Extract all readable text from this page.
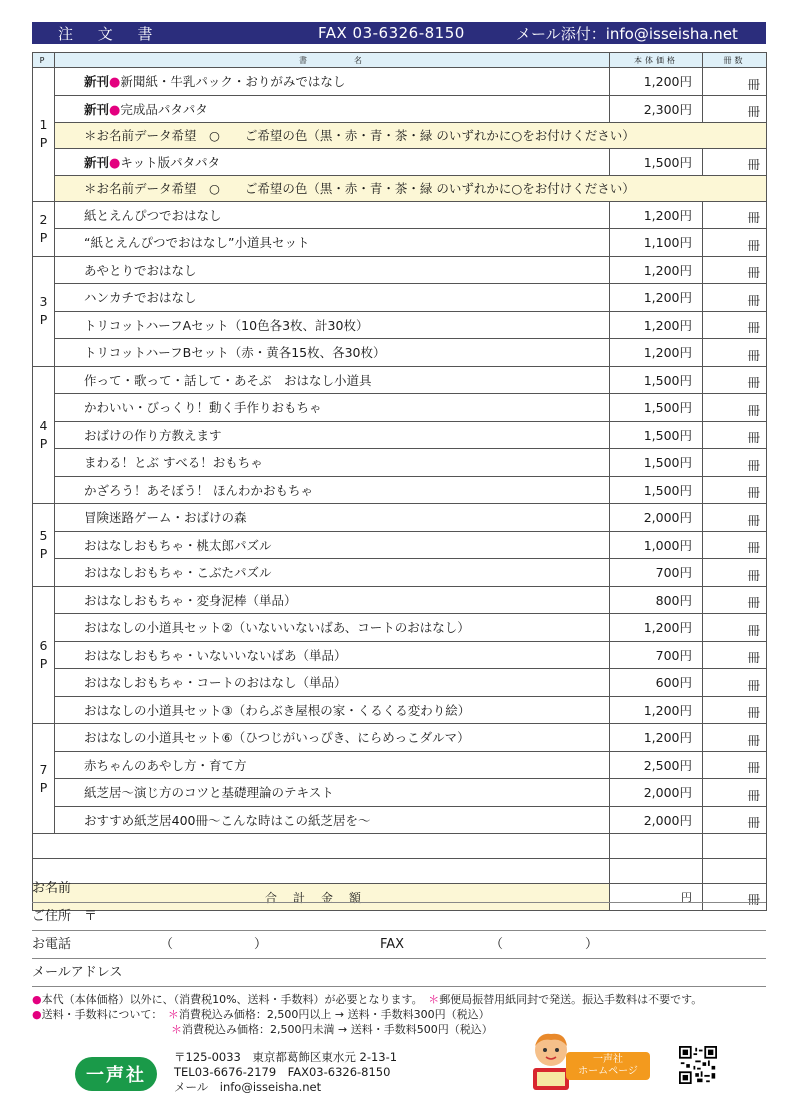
注 文 書	FAX 03-6326-8150	メール添付：info@isseisha.net
P	書　　　　名	本体価格	冊数
1
P	新刊●新聞紙・牛乳パック・おりがみではなし	1,200円	冊
	新刊●完成品パタパタ	2,300円	冊
	＊お名前データ希望　○　　ご希望の色（黒・赤・青・茶・緑 のいずれかに○をお付けください）		
	新刊●キット版パタパタ	1,500円	冊
	＊お名前データ希望　○　　ご希望の色（黒・赤・青・茶・緑 のいずれかに○をお付けください）		
2
P	紙とえんぴつでおはなし	1,200円	冊
	“紙とえんぴつでおはなし”小道具セット	1,100円	冊
3
P	あやとりでおはなし	1,200円	冊
	ハンカチでおはなし	1,200円	冊
	トリコットハーフAセット（10色各3枚、計30枚）	1,200円	冊
	トリコットハーフBセット（赤・黄各15枚、各30枚）	1,200円	冊
4
P	作って・歌って・話して・あそぶ　おはなし小道具	1,500円	冊
	かわいい・びっくり！動く手作りおもちゃ	1,500円	冊
	おばけの作り方教えます	1,500円	冊
	まわる！とぶ すべる！おもちゃ	1,500円	冊
	かざろう！あそぼう！ ほんわかおもちゃ	1,500円	冊
5
P	冒険迷路ゲーム・おばけの森	2,000円	冊
	おはなしおもちゃ・桃太郎パズル	1,000円	冊
	おはなしおもちゃ・こぶたパズル	700円	冊
6
P	おはなしおもちゃ・変身泥棒（単品）	800円	冊
	おはなしの小道具セット②（いないいないばあ、コートのおはなし）	1,200円	冊
	おはなしおもちゃ・いないいないばあ（単品）	700円	冊
	おはなしおもちゃ・コートのおはなし（単品）	600円	冊
	おはなしの小道具セット③（わらぶき屋根の家・くるくる変わり絵）	1,200円	冊
7
P	おはなしの小道具セット⑥（ひつじがいっぴき、にらめっこダルマ）	1,200円	冊
	赤ちゃんのあやし方・育て方	2,500円	冊
	紙芝居～演じ方のコツと基礎理論のテキスト	2,000円	冊
	おすすめ紙芝居400冊～こんな時はこの紙芝居を～	2,000円	冊

合計金額		円	冊
お名前
ご住所　〒
お電話	（	）	FAX	（	）
メールアドレス
●本代（本体価格）以外に、（消費税10%、送料・手数料）が必要となります。　 ＊郵便局振替用紙同封で発送。振込手数料は不要です。
●送料・手数料について：　 ＊消費税込み価格：2,500円以上 → 送料・手数料300円（税込）
＊消費税込み価格：2,500円未満 → 送料・手数料500円（税込）
一声社
〒125-0033　東京都葛飾区東水元 2-13-1
TEL03-6676-2179　FAX03-6326-8150
メール　info@isseisha.net
一声社
ホームページ
